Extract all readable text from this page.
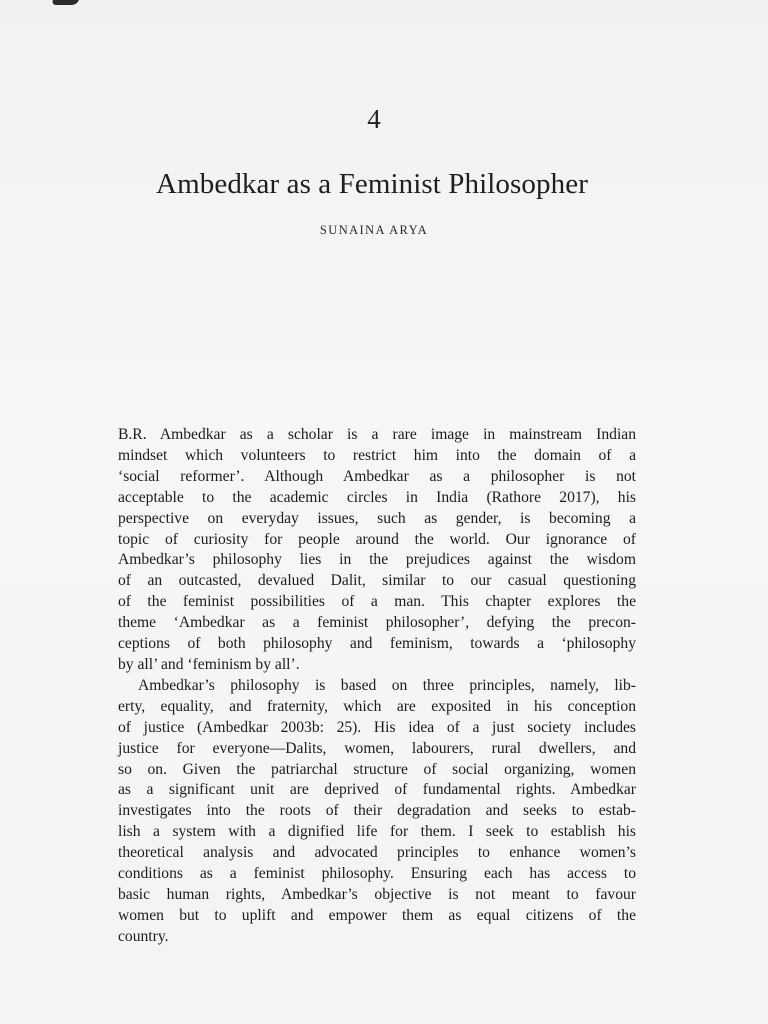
4
Ambedkar as a Feminist Philosopher
SUNAINA ARYA
B.R. Ambedkar as a scholar is a rare image in mainstream Indian
mindset which volunteers to restrict him into the domain of a
‘social reformer’. Although Ambedkar as a philosopher is not
acceptable to the academic circles in India (Rathore 2017), his
perspective on everyday issues, such as gender, is becoming a
topic of curiosity for people around the world. Our ignorance of
Ambedkar’s philosophy lies in the prejudices against the wisdom
of an outcasted, devalued Dalit, similar to our casual questioning
of the feminist possibilities of a man. This chapter explores the
theme ‘Ambedkar as a feminist philosopher’, defying the precon-
ceptions of both philosophy and feminism, towards a ‘philosophy
by all’ and ‘feminism by all’.
Ambedkar’s philosophy is based on three principles, namely, lib-
erty, equality, and fraternity, which are exposited in his conception
of justice (Ambedkar 2003b: 25). His idea of a just society includes
justice for everyone—Dalits, women, labourers, rural dwellers, and
so on. Given the patriarchal structure of social organizing, women
as a significant unit are deprived of fundamental rights. Ambedkar
investigates into the roots of their degradation and seeks to estab-
lish a system with a dignified life for them. I seek to establish his
theoretical analysis and advocated principles to enhance women’s
conditions as a feminist philosophy. Ensuring each has access to
basic human rights, Ambedkar’s objective is not meant to favour
women but to uplift and empower them as equal citizens of the
country.
